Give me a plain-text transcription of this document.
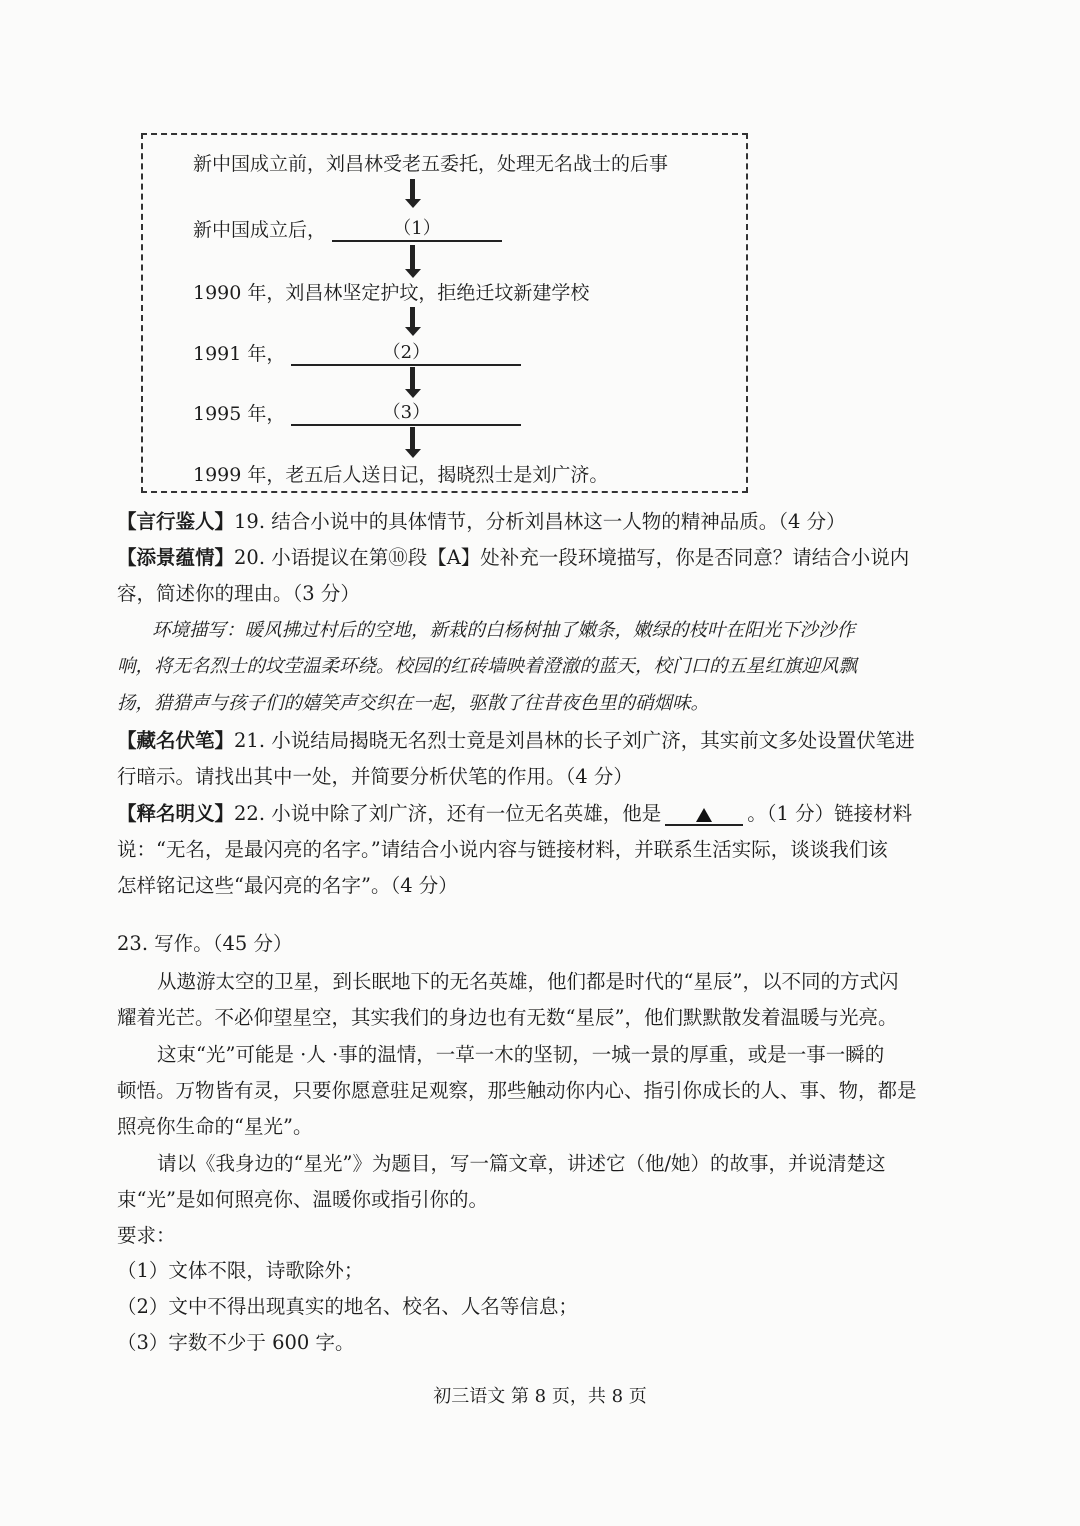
新中国成立前，刘昌林受老五委托，处理无名战士的后事
新中国成立后，	（1）
1990 年，刘昌林坚定护坟，拒绝迁坟新建学校
1991 年，	（2）
1995 年，	（3）
1999 年，老五后人送日记，揭晓烈士是刘广济。
【言行鉴人】19. 结合小说中的具体情节，分析刘昌林这一人物的精神品质。（4 分）
【添景蕴情】20. 小语提议在第⑩段【A】处补充一段环境描写，你是否同意？请结合小说内
容，简述你的理由。（3 分）
环境描写：暖风拂过村后的空地，新栽的白杨树抽了嫩条，嫩绿的枝叶在阳光下沙沙作
响，将无名烈士的坟茔温柔环绕。校园的红砖墙映着澄澈的蓝天，校门口的五星红旗迎风飘
扬，猎猎声与孩子们的嬉笑声交织在一起，驱散了往昔夜色里的硝烟味。
【藏名伏笔】21. 小说结局揭晓无名烈士竟是刘昌林的长子刘广济，其实前文多处设置伏笔进
行暗示。请找出其中一处，并简要分析伏笔的作用。（4 分）
【释名明义】22. 小说中除了刘广济，还有一位无名英雄，他是	。（1 分）链接材料
说：“无名，是最闪亮的名字。”请结合小说内容与链接材料，并联系生活实际，谈谈我们该
怎样铭记这些“最闪亮的名字”。（4 分）
23. 写作。（45 分）
从遨游太空的卫星，到长眠地下的无名英雄，他们都是时代的“星辰”，以不同的方式闪
耀着光芒。不必仰望星空，其实我们的身边也有无数“星辰”，他们默默散发着温暖与光亮。
这束“光”可能是 ·人 ·事的温情，一草一木的坚韧，一城一景的厚重，或是一事一瞬的
顿悟。万物皆有灵，只要你愿意驻足观察，那些触动你内心、指引你成长的人、事、物，都是
照亮你生命的“星光”。
请以《我身边的“星光”》为题目，写一篇文章，讲述它（他/她）的故事，并说清楚这
束“光”是如何照亮你、温暖你或指引你的。
要求：
（1）文体不限，诗歌除外；
（2）文中不得出现真实的地名、校名、人名等信息；
（3）字数不少于 600 字。
初三语文 第 8 页，共 8 页
